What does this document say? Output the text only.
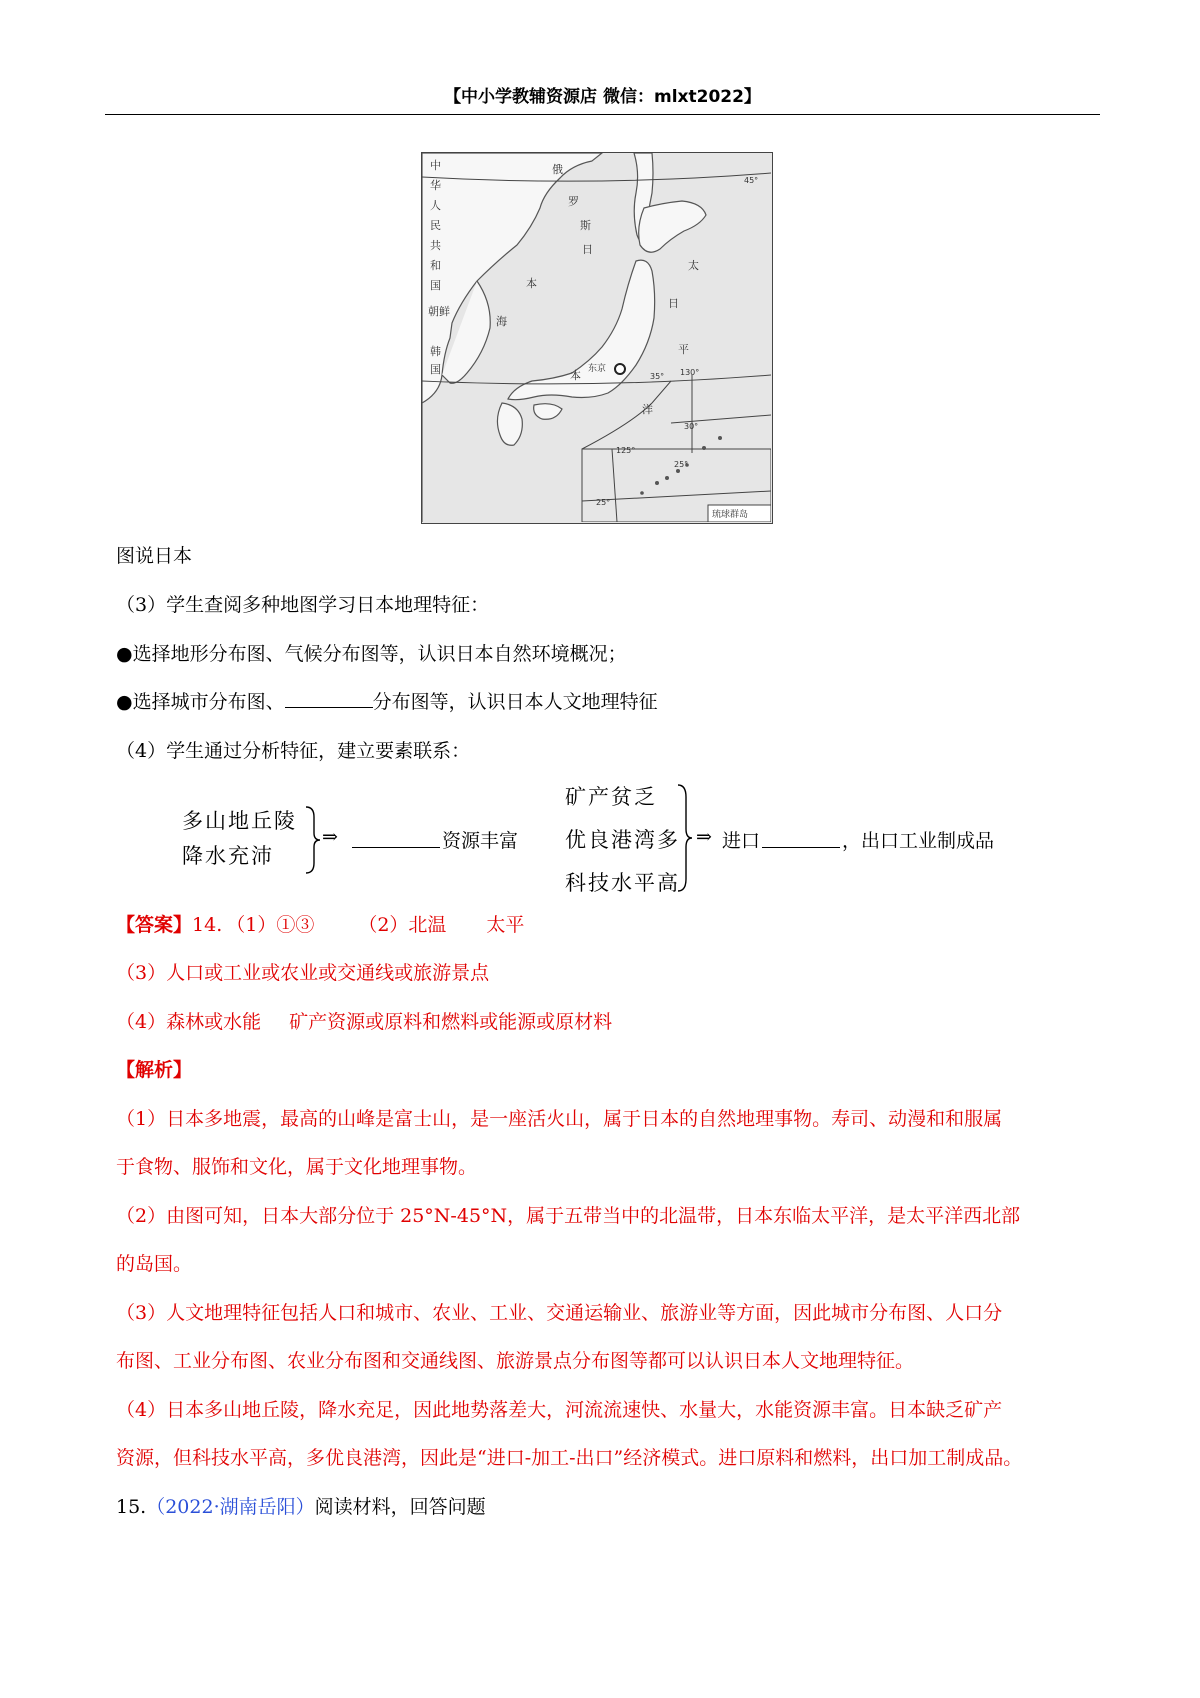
【中小学教辅资源店 微信：mlxt2022】
中
华
人
民
共
和
国
朝鲜
韩
国
俄
罗
斯
日
本
海
日
本
太
平
洋
东京
45°
35° 130°
30°
125°
25°
25°
琉球群岛
图说日本
（3）学生查阅多种地图学习日本地理特征：
●选择地形分布图、气候分布图等，认识日本自然环境概况；
●选择城市分布图、	分布图等，认识日本人文地理特征
（4）学生通过分析特征，建立要素联系：
多山地丘陵
降水充沛
⇒	资源丰富
矿产贫乏
优良港湾多
科技水平高
⇒ 进口	，出口工业制成品
【答案】14. （1）①③ （2）北温 太平
（3）人口或工业或农业或交通线或旅游景点
（4）森林或水能 矿产资源或原料和燃料或能源或原材料
【解析】
（1）日本多地震，最高的山峰是富士山，是一座活火山，属于日本的自然地理事物。寿司、动漫和和服属
于食物、服饰和文化，属于文化地理事物。
（2）由图可知，日本大部分位于 25°N-45°N，属于五带当中的北温带，日本东临太平洋，是太平洋西北部
的岛国。
（3）人文地理特征包括人口和城市、农业、工业、交通运输业、旅游业等方面，因此城市分布图、人口分
布图、工业分布图、农业分布图和交通线图、旅游景点分布图等都可以认识日本人文地理特征。
（4）日本多山地丘陵，降水充足，因此地势落差大，河流流速快、水量大，水能资源丰富。日本缺乏矿产
资源，但科技水平高，多优良港湾，因此是“进口-加工-出口”经济模式。进口原料和燃料，出口加工制成品。
15.（2022·湖南岳阳）阅读材料，回答问题
